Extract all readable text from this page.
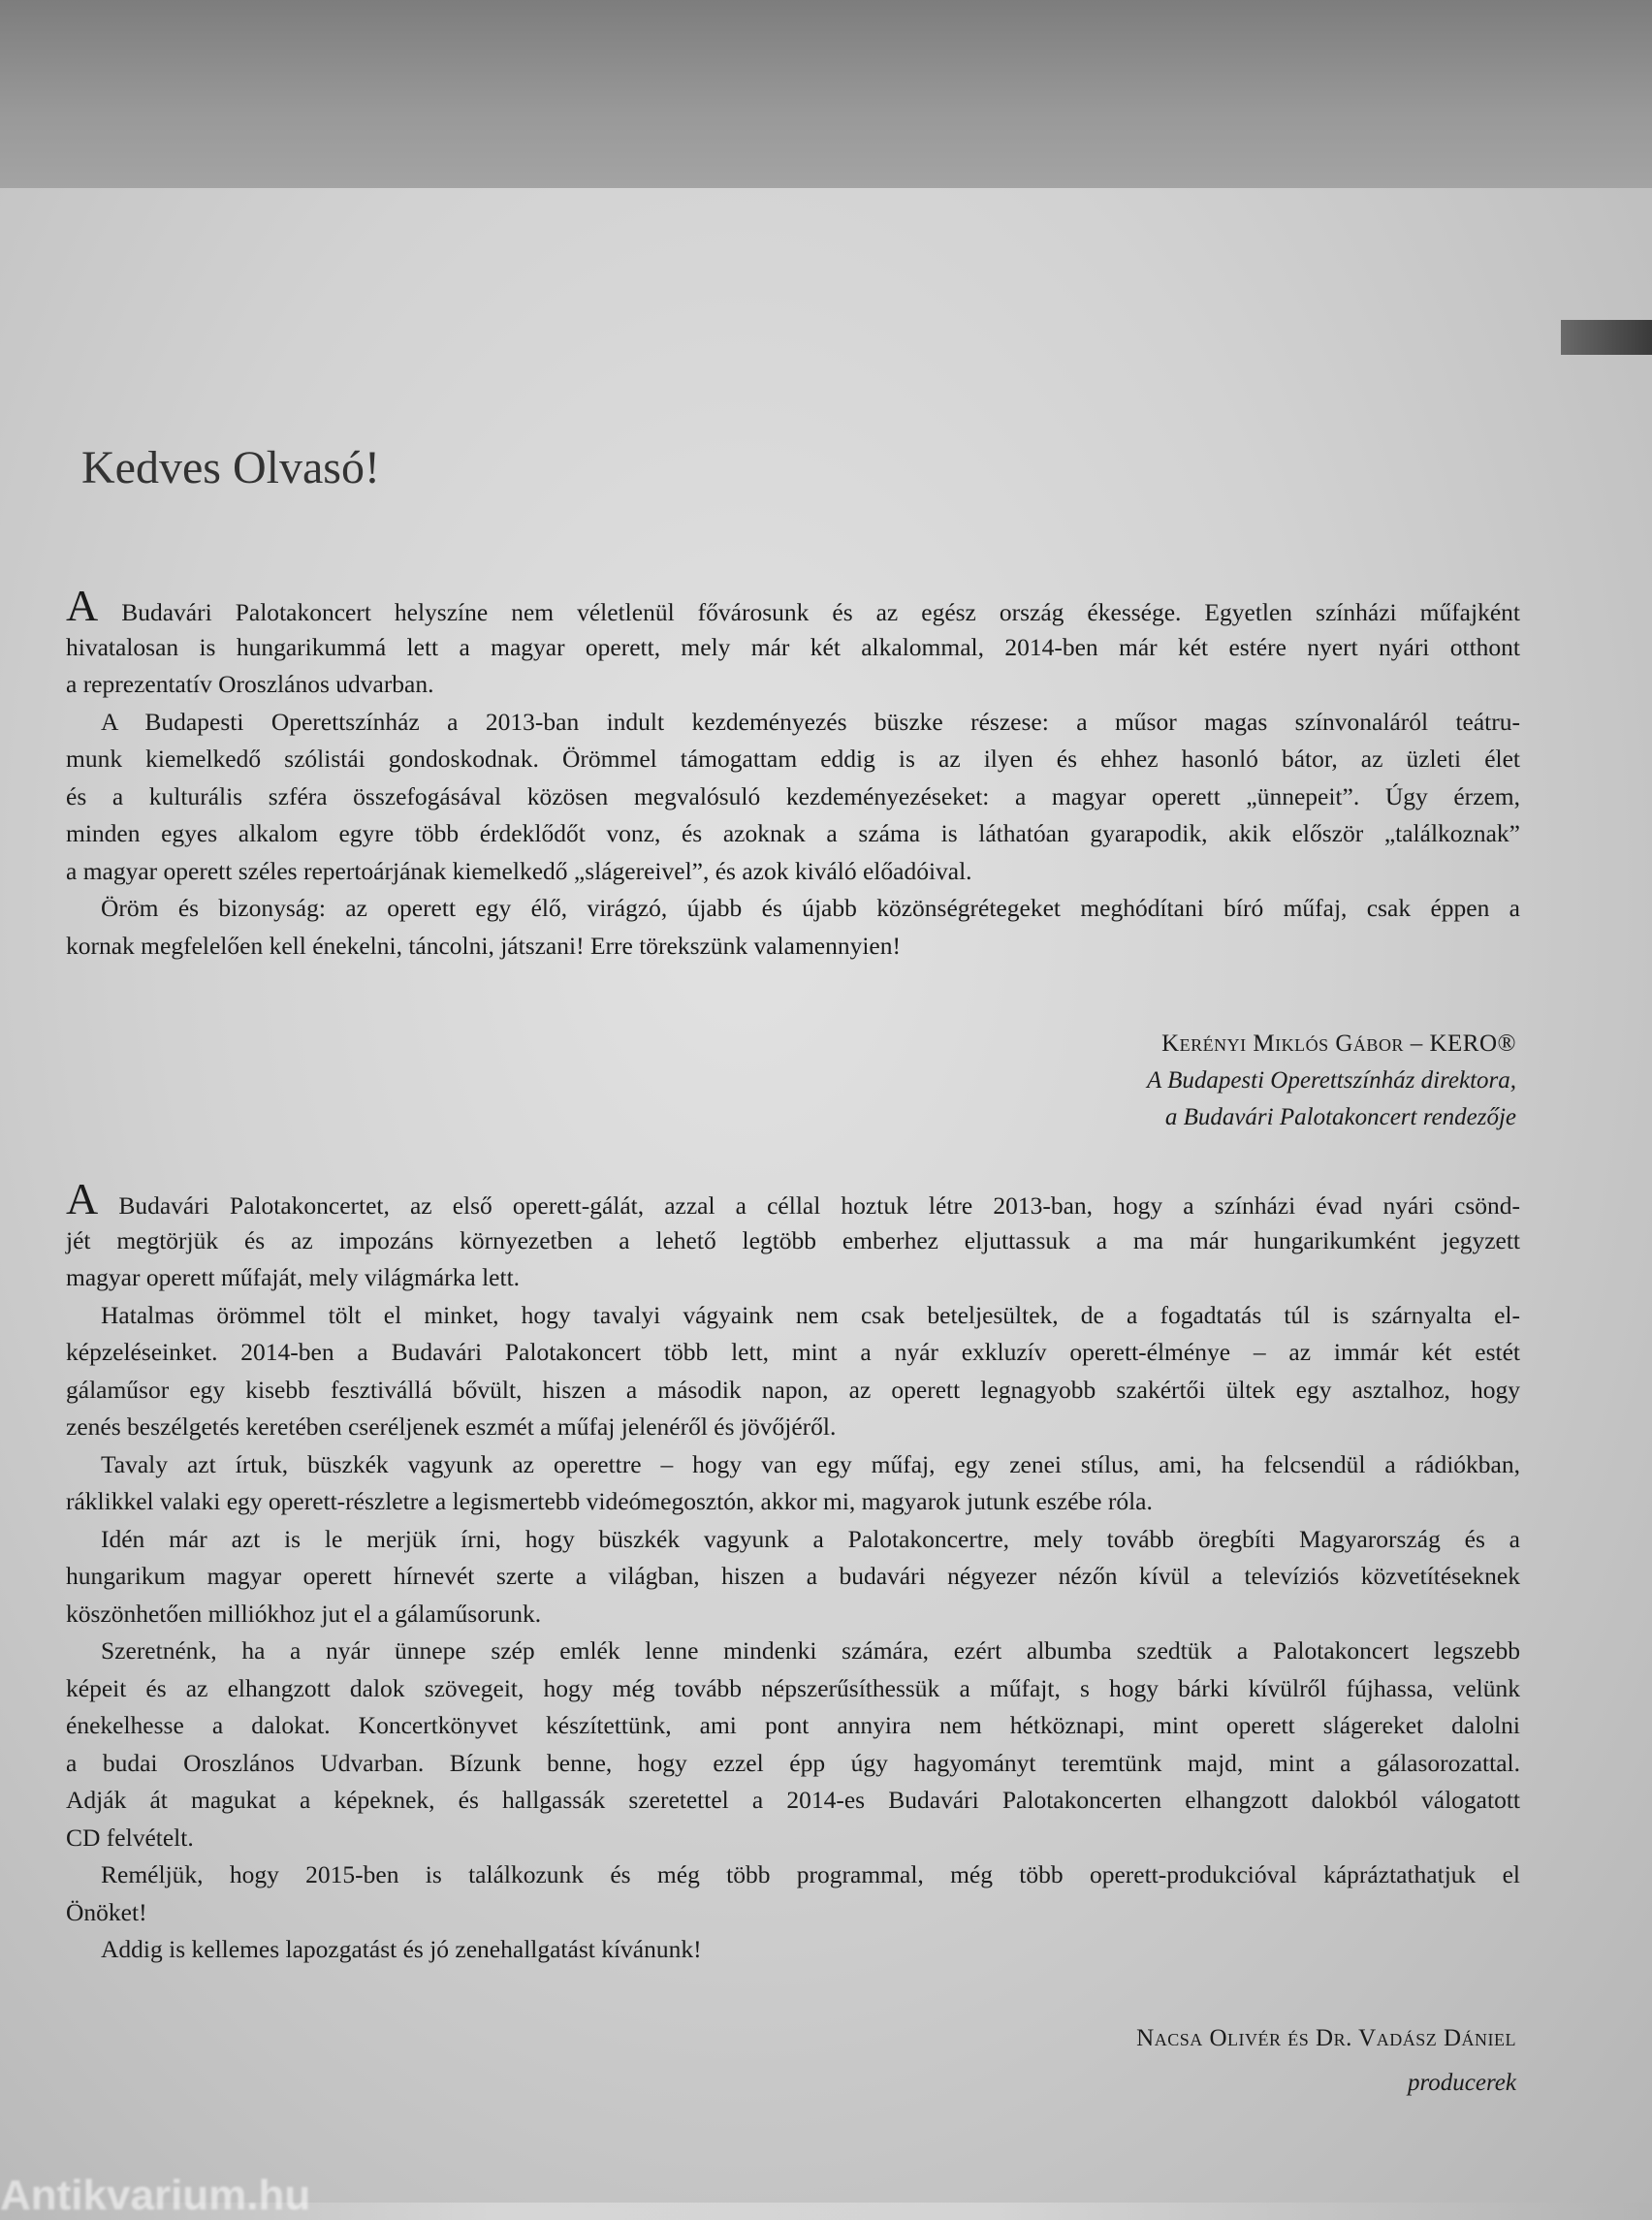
Kedves Olvasó!
A Budavári Palotakoncert helyszíne nem véletlenül fővárosunk és az egész ország ékessége. Egyetlen színházi műfajként
hivatalosan is hungarikummá lett a magyar operett, mely már két alkalommal, 2014-ben már két estére nyert nyári otthont
a reprezentatív Oroszlános udvarban.
A Budapesti Operettszínház a 2013-ban indult kezdeményezés büszke részese: a műsor magas színvonaláról teátru-
munk kiemelkedő szólistái gondoskodnak. Örömmel támogattam eddig is az ilyen és ehhez hasonló bátor, az üzleti élet
és a kulturális szféra összefogásával közösen megvalósuló kezdeményezéseket: a magyar operett „ünnepeit”. Úgy érzem,
minden egyes alkalom egyre több érdeklődőt vonz, és azoknak a száma is láthatóan gyarapodik, akik először „találkoznak”
a magyar operett széles repertoárjának kiemelkedő „slágereivel”, és azok kiváló előadóival.
Öröm és bizonyság: az operett egy élő, virágzó, újabb és újabb közönségrétegeket meghódítani bíró műfaj, csak éppen a
kornak megfelelően kell énekelni, táncolni, játszani! Erre törekszünk valamennyien!
Kerényi Miklós Gábor – KERO®
A Budapesti Operettszínház direktora,
a Budavári Palotakoncert rendezője
A Budavári Palotakoncertet, az első operett-gálát, azzal a céllal hoztuk létre 2013-ban, hogy a színházi évad nyári csönd-
jét megtörjük és az impozáns környezetben a lehető legtöbb emberhez eljuttassuk a ma már hungarikumként jegyzett
magyar operett műfaját, mely világmárka lett.
Hatalmas örömmel tölt el minket, hogy tavalyi vágyaink nem csak beteljesültek, de a fogadtatás túl is szárnyalta el-
képzeléseinket. 2014-ben a Budavári Palotakoncert több lett, mint a nyár exkluzív operett-élménye – az immár két estét
gálaműsor egy kisebb fesztivállá bővült, hiszen a második napon, az operett legnagyobb szakértői ültek egy asztalhoz, hogy
zenés beszélgetés keretében cseréljenek eszmét a műfaj jelenéről és jövőjéről.
Tavaly azt írtuk, büszkék vagyunk az operettre – hogy van egy műfaj, egy zenei stílus, ami, ha felcsendül a rádiókban,
ráklikkel valaki egy operett-részletre a legismertebb videómegosztón, akkor mi, magyarok jutunk eszébe róla.
Idén már azt is le merjük írni, hogy büszkék vagyunk a Palotakoncertre, mely tovább öregbíti Magyarország és a
hungarikum magyar operett hírnevét szerte a világban, hiszen a budavári négyezer nézőn kívül a televíziós közvetítéseknek
köszönhetően milliókhoz jut el a gálaműsorunk.
Szeretnénk, ha a nyár ünnepe szép emlék lenne mindenki számára, ezért albumba szedtük a Palotakoncert legszebb
képeit és az elhangzott dalok szövegeit, hogy még tovább népszerűsíthessük a műfajt, s hogy bárki kívülről fújhassa, velünk
énekelhesse a dalokat. Koncertkönyvet készítettünk, ami pont annyira nem hétköznapi, mint operett slágereket dalolni
a budai Oroszlános Udvarban. Bízunk benne, hogy ezzel épp úgy hagyományt teremtünk majd, mint a gálasorozattal.
Adják át magukat a képeknek, és hallgassák szeretettel a 2014-es Budavári Palotakoncerten elhangzott dalokból válogatott
CD felvételt.
Reméljük, hogy 2015-ben is találkozunk és még több programmal, még több operett-produkcióval kápráztathatjuk el
Önöket!
Addig is kellemes lapozgatást és jó zenehallgatást kívánunk!
Nacsa Olivér és Dr. Vadász Dániel
producerek
Antikvarium.hu
